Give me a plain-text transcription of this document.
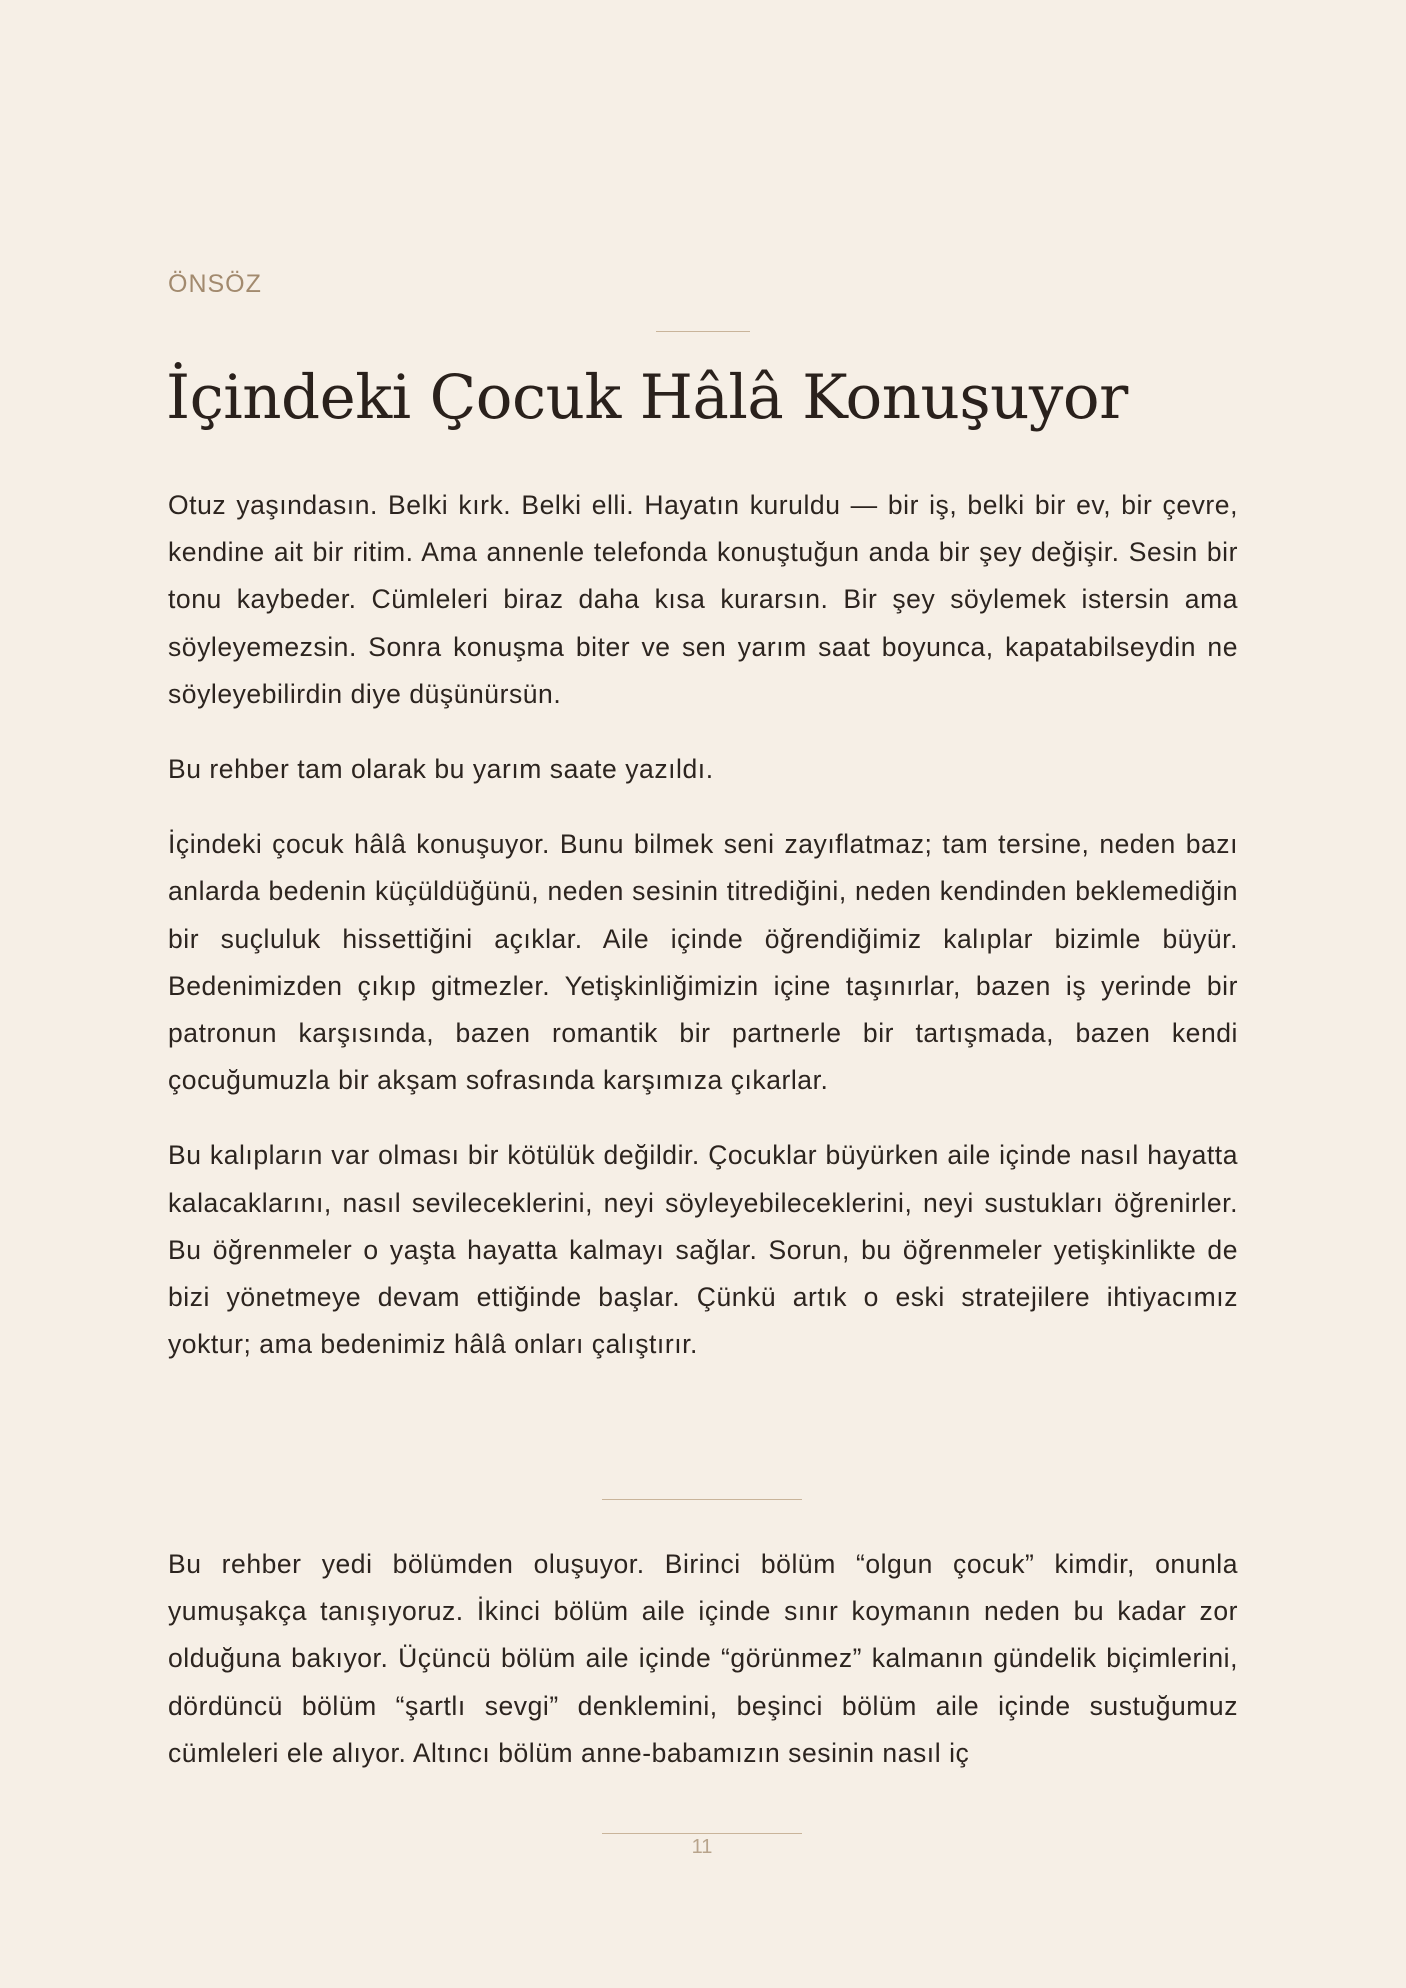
ÖNSÖZ
İçindeki Çocuk Hâlâ Konuşuyor

Otuz yaşındasın. Belki kırk. Belki elli. Hayatın kuruldu — bir iş, belki bir ev, bir çevre, kendine ait bir ritim. Ama annenle telefonda konuştuğun anda bir şey değişir. Sesin bir tonu kaybeder. Cümleleri biraz daha kısa kurarsın. Bir şey söylemek istersin ama söyleyemezsin. Sonra konuşma biter ve sen yarım saat boyunca, kapatabilseydin ne söyleyebilirdin diye düşünürsün.

Bu rehber tam olarak bu yarım saate yazıldı.

İçindeki çocuk hâlâ konuşuyor. Bunu bilmek seni zayıflatmaz; tam tersine, neden bazı anlarda bedenin küçüldüğünü, neden sesinin titrediğini, neden kendinden beklemediğin bir suçluluk hissettiğini açıklar. Aile içinde öğrendiğimiz kalıplar bizimle büyür. Bedenimizden çıkıp gitmezler. Yetişkinliğimizin içine taşınırlar, bazen iş yerinde bir patronun karşısında, bazen romantik bir partnerle bir tartışmada, bazen kendi çocuğumuzla bir akşam sofrasında karşımıza çıkarlar.

Bu kalıpların var olması bir kötülük değildir. Çocuklar büyürken aile içinde nasıl hayatta kalacaklarını, nasıl sevileceklerini, neyi söyleyebileceklerini, neyi sustukları öğrenirler. Bu öğrenmeler o yaşta hayatta kalmayı sağlar. Sorun, bu öğrenmeler yetişkinlikte de bizi yönetmeye devam ettiğinde başlar. Çünkü artık o eski stratejilere ihtiyacımız yoktur; ama bedenimiz hâlâ onları çalıştırır.

Bu rehber yedi bölümden oluşuyor. Birinci bölüm “olgun çocuk” kimdir, onunla yumuşakça tanışıyoruz. İkinci bölüm aile içinde sınır koymanın neden bu kadar zor olduğuna bakıyor. Üçüncü bölüm aile içinde “görünmez” kalmanın gündelik biçimlerini, dördüncü bölüm “şartlı sevgi” denklemini, beşinci bölüm aile içinde sustuğumuz cümleleri ele alıyor. Altıncı bölüm anne-babamızın sesinin nasıl iç

11
